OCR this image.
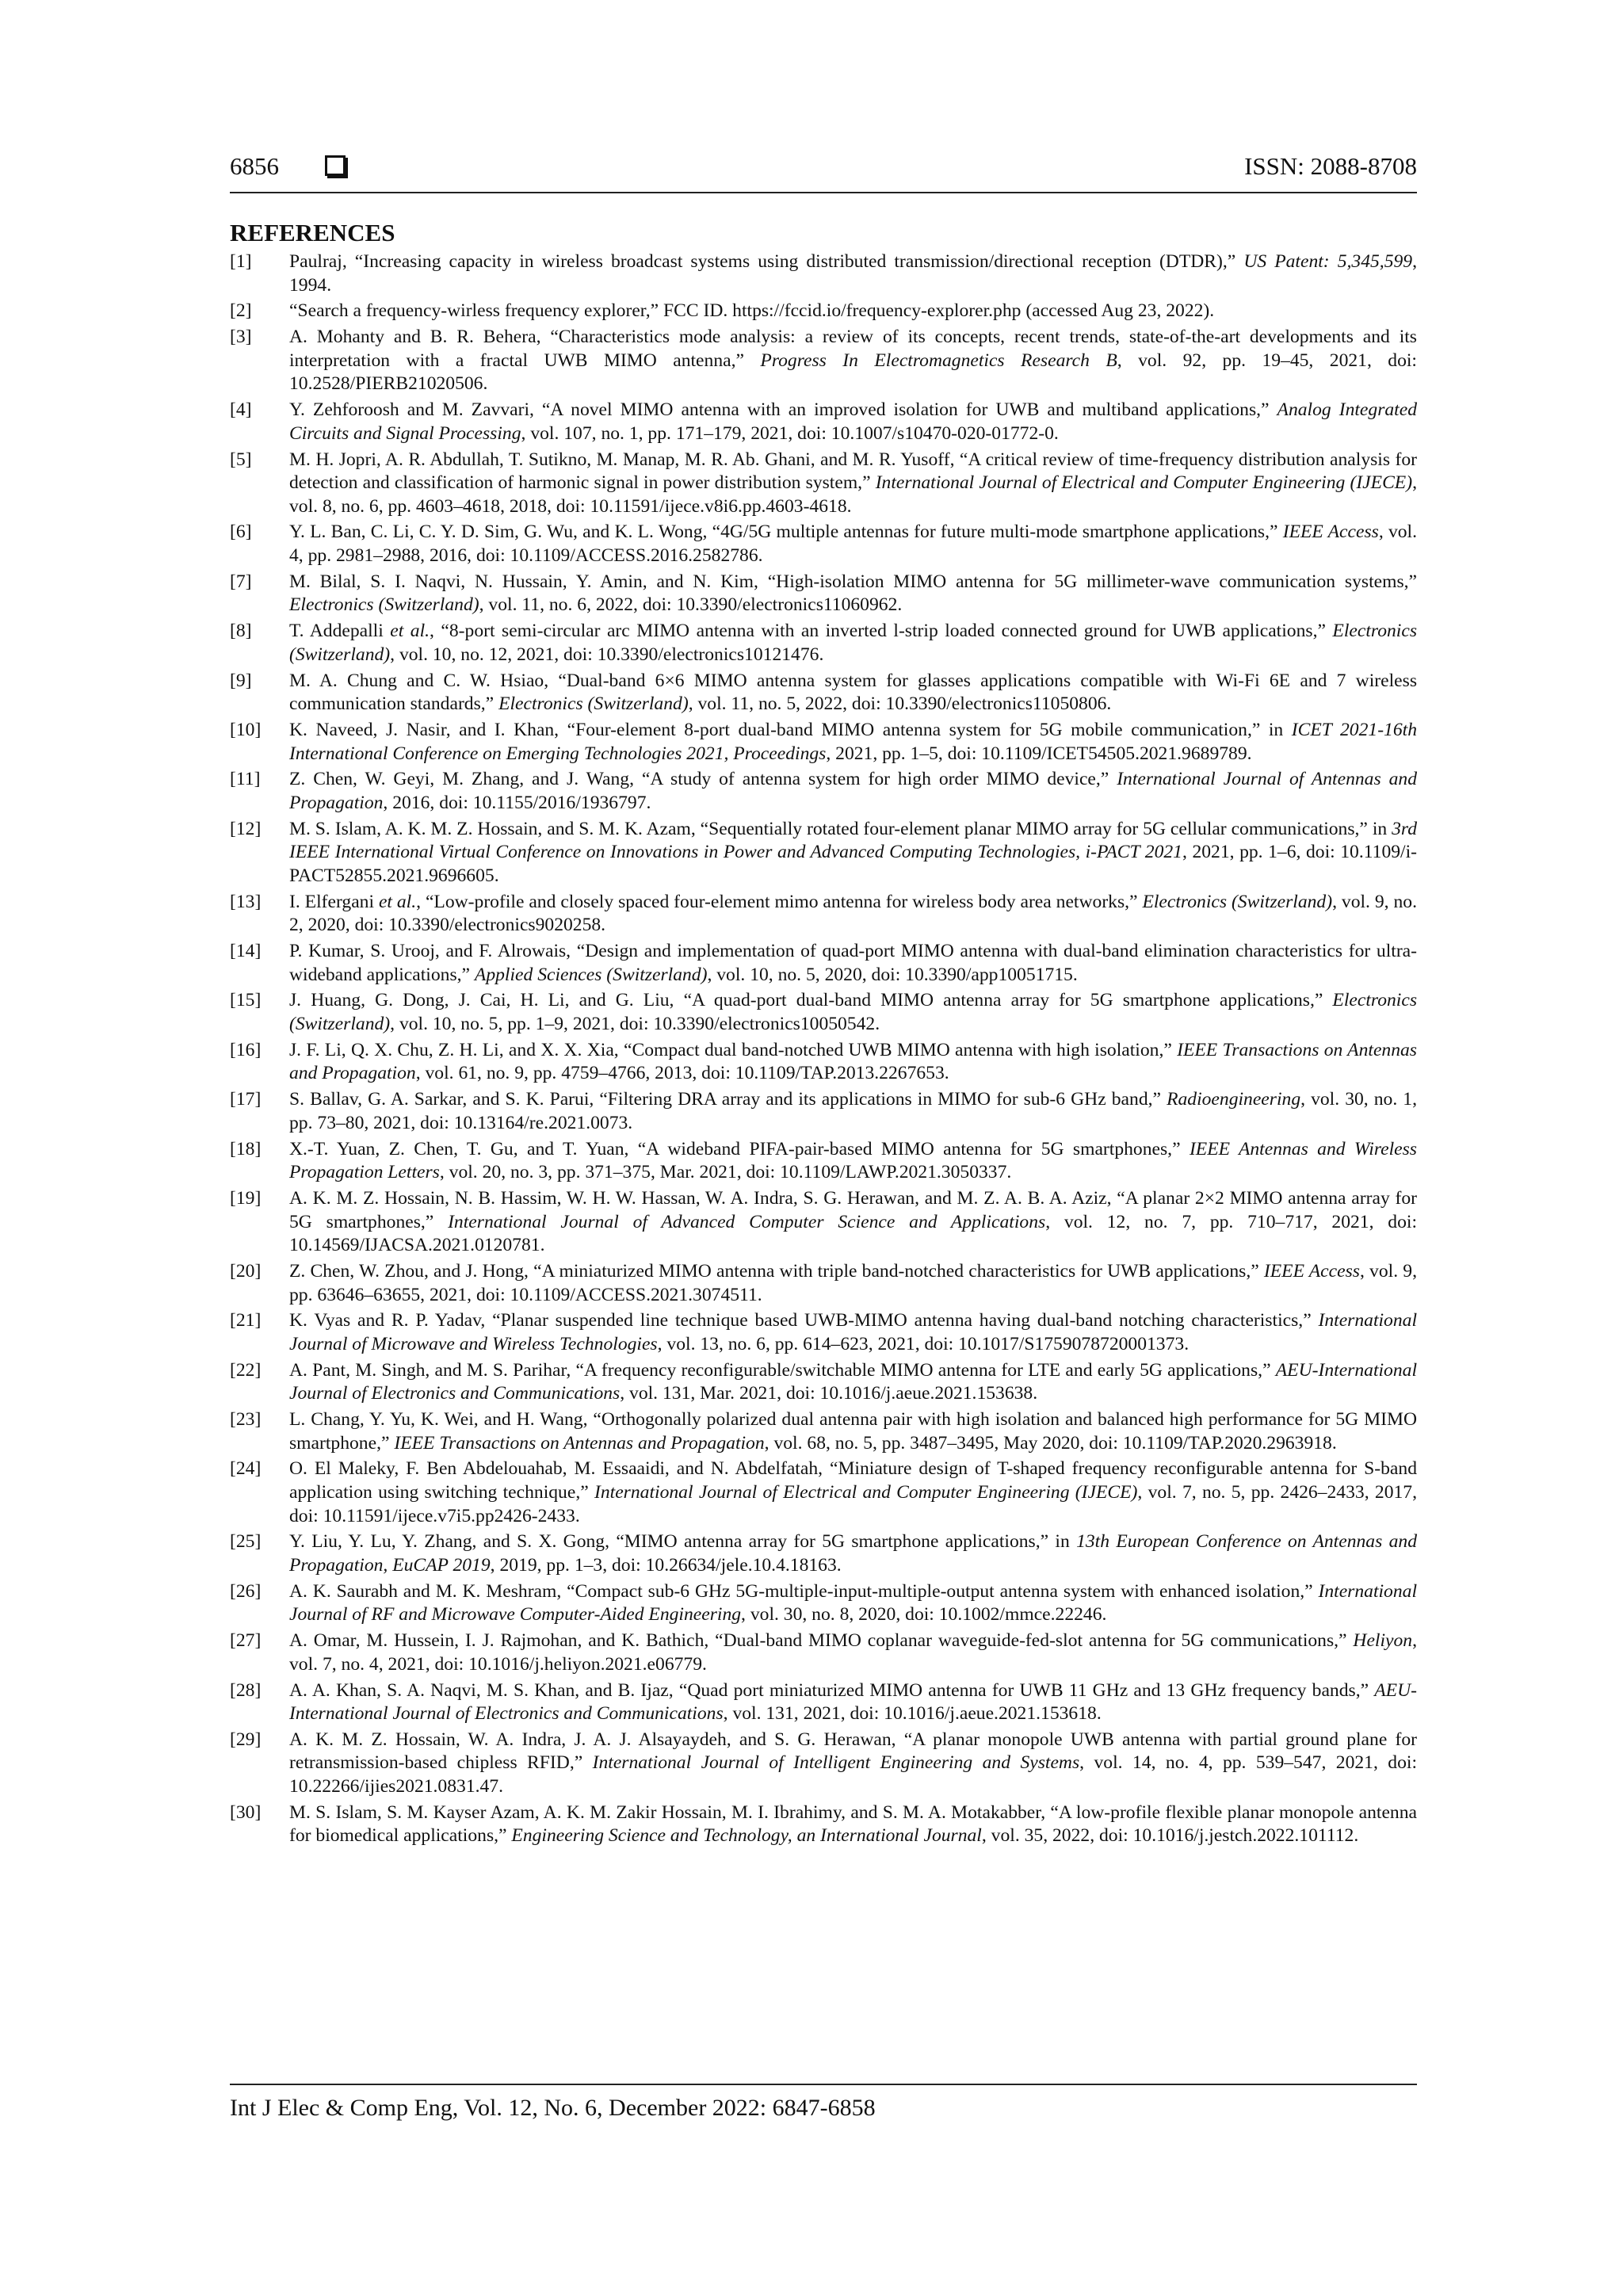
6856	ISSN: 2088-8708
REFERENCES
[1]	Paulraj, “Increasing capacity in wireless broadcast systems using distributed transmission/directional reception (DTDR),” US Patent: 5,345,599, 1994.
[2]	“Search a frequency-wirless frequency explorer,” FCC ID. https://fccid.io/frequency-explorer.php (accessed Aug 23, 2022).
[3]	A. Mohanty and B. R. Behera, “Characteristics mode analysis: a review of its concepts, recent trends, state-of-the-art developments and its interpretation with a fractal UWB MIMO antenna,” Progress In Electromagnetics Research B, vol. 92, pp. 19–45, 2021, doi: 10.2528/PIERB21020506.
[4]	Y. Zehforoosh and M. Zavvari, “A novel MIMO antenna with an improved isolation for UWB and multiband applications,” Analog Integrated Circuits and Signal Processing, vol. 107, no. 1, pp. 171–179, 2021, doi: 10.1007/s10470-020-01772-0.
[5]	M. H. Jopri, A. R. Abdullah, T. Sutikno, M. Manap, M. R. Ab. Ghani, and M. R. Yusoff, “A critical review of time-frequency distribution analysis for detection and classification of harmonic signal in power distribution system,” International Journal of Electrical and Computer Engineering (IJECE), vol. 8, no. 6, pp. 4603–4618, 2018, doi: 10.11591/ijece.v8i6.pp.4603-4618.
[6]	Y. L. Ban, C. Li, C. Y. D. Sim, G. Wu, and K. L. Wong, “4G/5G multiple antennas for future multi-mode smartphone applications,” IEEE Access, vol. 4, pp. 2981–2988, 2016, doi: 10.1109/ACCESS.2016.2582786.
[7]	M. Bilal, S. I. Naqvi, N. Hussain, Y. Amin, and N. Kim, “High-isolation MIMO antenna for 5G millimeter-wave communication systems,” Electronics (Switzerland), vol. 11, no. 6, 2022, doi: 10.3390/electronics11060962.
[8]	T. Addepalli et al., “8-port semi-circular arc MIMO antenna with an inverted l-strip loaded connected ground for UWB applications,” Electronics (Switzerland), vol. 10, no. 12, 2021, doi: 10.3390/electronics10121476.
[9]	M. A. Chung and C. W. Hsiao, “Dual-band 6×6 MIMO antenna system for glasses applications compatible with Wi-Fi 6E and 7 wireless communication standards,” Electronics (Switzerland), vol. 11, no. 5, 2022, doi: 10.3390/electronics11050806.
[10]	K. Naveed, J. Nasir, and I. Khan, “Four-element 8-port dual-band MIMO antenna system for 5G mobile communication,” in ICET 2021-16th International Conference on Emerging Technologies 2021, Proceedings, 2021, pp. 1–5, doi: 10.1109/ICET54505.2021.9689789.
[11]	Z. Chen, W. Geyi, M. Zhang, and J. Wang, “A study of antenna system for high order MIMO device,” International Journal of Antennas and Propagation, 2016, doi: 10.1155/2016/1936797.
[12]	M. S. Islam, A. K. M. Z. Hossain, and S. M. K. Azam, “Sequentially rotated four-element planar MIMO array for 5G cellular communications,” in 3rd IEEE International Virtual Conference on Innovations in Power and Advanced Computing Technologies, i-PACT 2021, 2021, pp. 1–6, doi: 10.1109/i-PACT52855.2021.9696605.
[13]	I. Elfergani et al., “Low-profile and closely spaced four-element mimo antenna for wireless body area networks,” Electronics (Switzerland), vol. 9, no. 2, 2020, doi: 10.3390/electronics9020258.
[14]	P. Kumar, S. Urooj, and F. Alrowais, “Design and implementation of quad-port MIMO antenna with dual-band elimination characteristics for ultra-wideband applications,” Applied Sciences (Switzerland), vol. 10, no. 5, 2020, doi: 10.3390/app10051715.
[15]	J. Huang, G. Dong, J. Cai, H. Li, and G. Liu, “A quad-port dual-band MIMO antenna array for 5G smartphone applications,” Electronics (Switzerland), vol. 10, no. 5, pp. 1–9, 2021, doi: 10.3390/electronics10050542.
[16]	J. F. Li, Q. X. Chu, Z. H. Li, and X. X. Xia, “Compact dual band-notched UWB MIMO antenna with high isolation,” IEEE Transactions on Antennas and Propagation, vol. 61, no. 9, pp. 4759–4766, 2013, doi: 10.1109/TAP.2013.2267653.
[17]	S. Ballav, G. A. Sarkar, and S. K. Parui, “Filtering DRA array and its applications in MIMO for sub-6 GHz band,” Radioengineering, vol. 30, no. 1, pp. 73–80, 2021, doi: 10.13164/re.2021.0073.
[18]	X.-T. Yuan, Z. Chen, T. Gu, and T. Yuan, “A wideband PIFA-pair-based MIMO antenna for 5G smartphones,” IEEE Antennas and Wireless Propagation Letters, vol. 20, no. 3, pp. 371–375, Mar. 2021, doi: 10.1109/LAWP.2021.3050337.
[19]	A. K. M. Z. Hossain, N. B. Hassim, W. H. W. Hassan, W. A. Indra, S. G. Herawan, and M. Z. A. B. A. Aziz, “A planar 2×2 MIMO antenna array for 5G smartphones,” International Journal of Advanced Computer Science and Applications, vol. 12, no. 7, pp. 710–717, 2021, doi: 10.14569/IJACSA.2021.0120781.
[20]	Z. Chen, W. Zhou, and J. Hong, “A miniaturized MIMO antenna with triple band-notched characteristics for UWB applications,” IEEE Access, vol. 9, pp. 63646–63655, 2021, doi: 10.1109/ACCESS.2021.3074511.
[21]	K. Vyas and R. P. Yadav, “Planar suspended line technique based UWB-MIMO antenna having dual-band notching characteristics,” International Journal of Microwave and Wireless Technologies, vol. 13, no. 6, pp. 614–623, 2021, doi: 10.1017/S1759078720001373.
[22]	A. Pant, M. Singh, and M. S. Parihar, “A frequency reconfigurable/switchable MIMO antenna for LTE and early 5G applications,” AEU-International Journal of Electronics and Communications, vol. 131, Mar. 2021, doi: 10.1016/j.aeue.2021.153638.
[23]	L. Chang, Y. Yu, K. Wei, and H. Wang, “Orthogonally polarized dual antenna pair with high isolation and balanced high performance for 5G MIMO smartphone,” IEEE Transactions on Antennas and Propagation, vol. 68, no. 5, pp. 3487–3495, May 2020, doi: 10.1109/TAP.2020.2963918.
[24]	O. El Maleky, F. Ben Abdelouahab, M. Essaaidi, and N. Abdelfatah, “Miniature design of T-shaped frequency reconfigurable antenna for S-band application using switching technique,” International Journal of Electrical and Computer Engineering (IJECE), vol. 7, no. 5, pp. 2426–2433, 2017, doi: 10.11591/ijece.v7i5.pp2426-2433.
[25]	Y. Liu, Y. Lu, Y. Zhang, and S. X. Gong, “MIMO antenna array for 5G smartphone applications,” in 13th European Conference on Antennas and Propagation, EuCAP 2019, 2019, pp. 1–3, doi: 10.26634/jele.10.4.18163.
[26]	A. K. Saurabh and M. K. Meshram, “Compact sub-6 GHz 5G-multiple-input-multiple-output antenna system with enhanced isolation,” International Journal of RF and Microwave Computer-Aided Engineering, vol. 30, no. 8, 2020, doi: 10.1002/mmce.22246.
[27]	A. Omar, M. Hussein, I. J. Rajmohan, and K. Bathich, “Dual-band MIMO coplanar waveguide-fed-slot antenna for 5G communications,” Heliyon, vol. 7, no. 4, 2021, doi: 10.1016/j.heliyon.2021.e06779.
[28]	A. A. Khan, S. A. Naqvi, M. S. Khan, and B. Ijaz, “Quad port miniaturized MIMO antenna for UWB 11 GHz and 13 GHz frequency bands,” AEU-International Journal of Electronics and Communications, vol. 131, 2021, doi: 10.1016/j.aeue.2021.153618.
[29]	A. K. M. Z. Hossain, W. A. Indra, J. A. J. Alsayaydeh, and S. G. Herawan, “A planar monopole UWB antenna with partial ground plane for retransmission-based chipless RFID,” International Journal of Intelligent Engineering and Systems, vol. 14, no. 4, pp. 539–547, 2021, doi: 10.22266/ijies2021.0831.47.
[30]	M. S. Islam, S. M. Kayser Azam, A. K. M. Zakir Hossain, M. I. Ibrahimy, and S. M. A. Motakabber, “A low-profile flexible planar monopole antenna for biomedical applications,” Engineering Science and Technology, an International Journal, vol. 35, 2022, doi: 10.1016/j.jestch.2022.101112.
Int J Elec & Comp Eng, Vol. 12, No. 6, December 2022: 6847-6858
